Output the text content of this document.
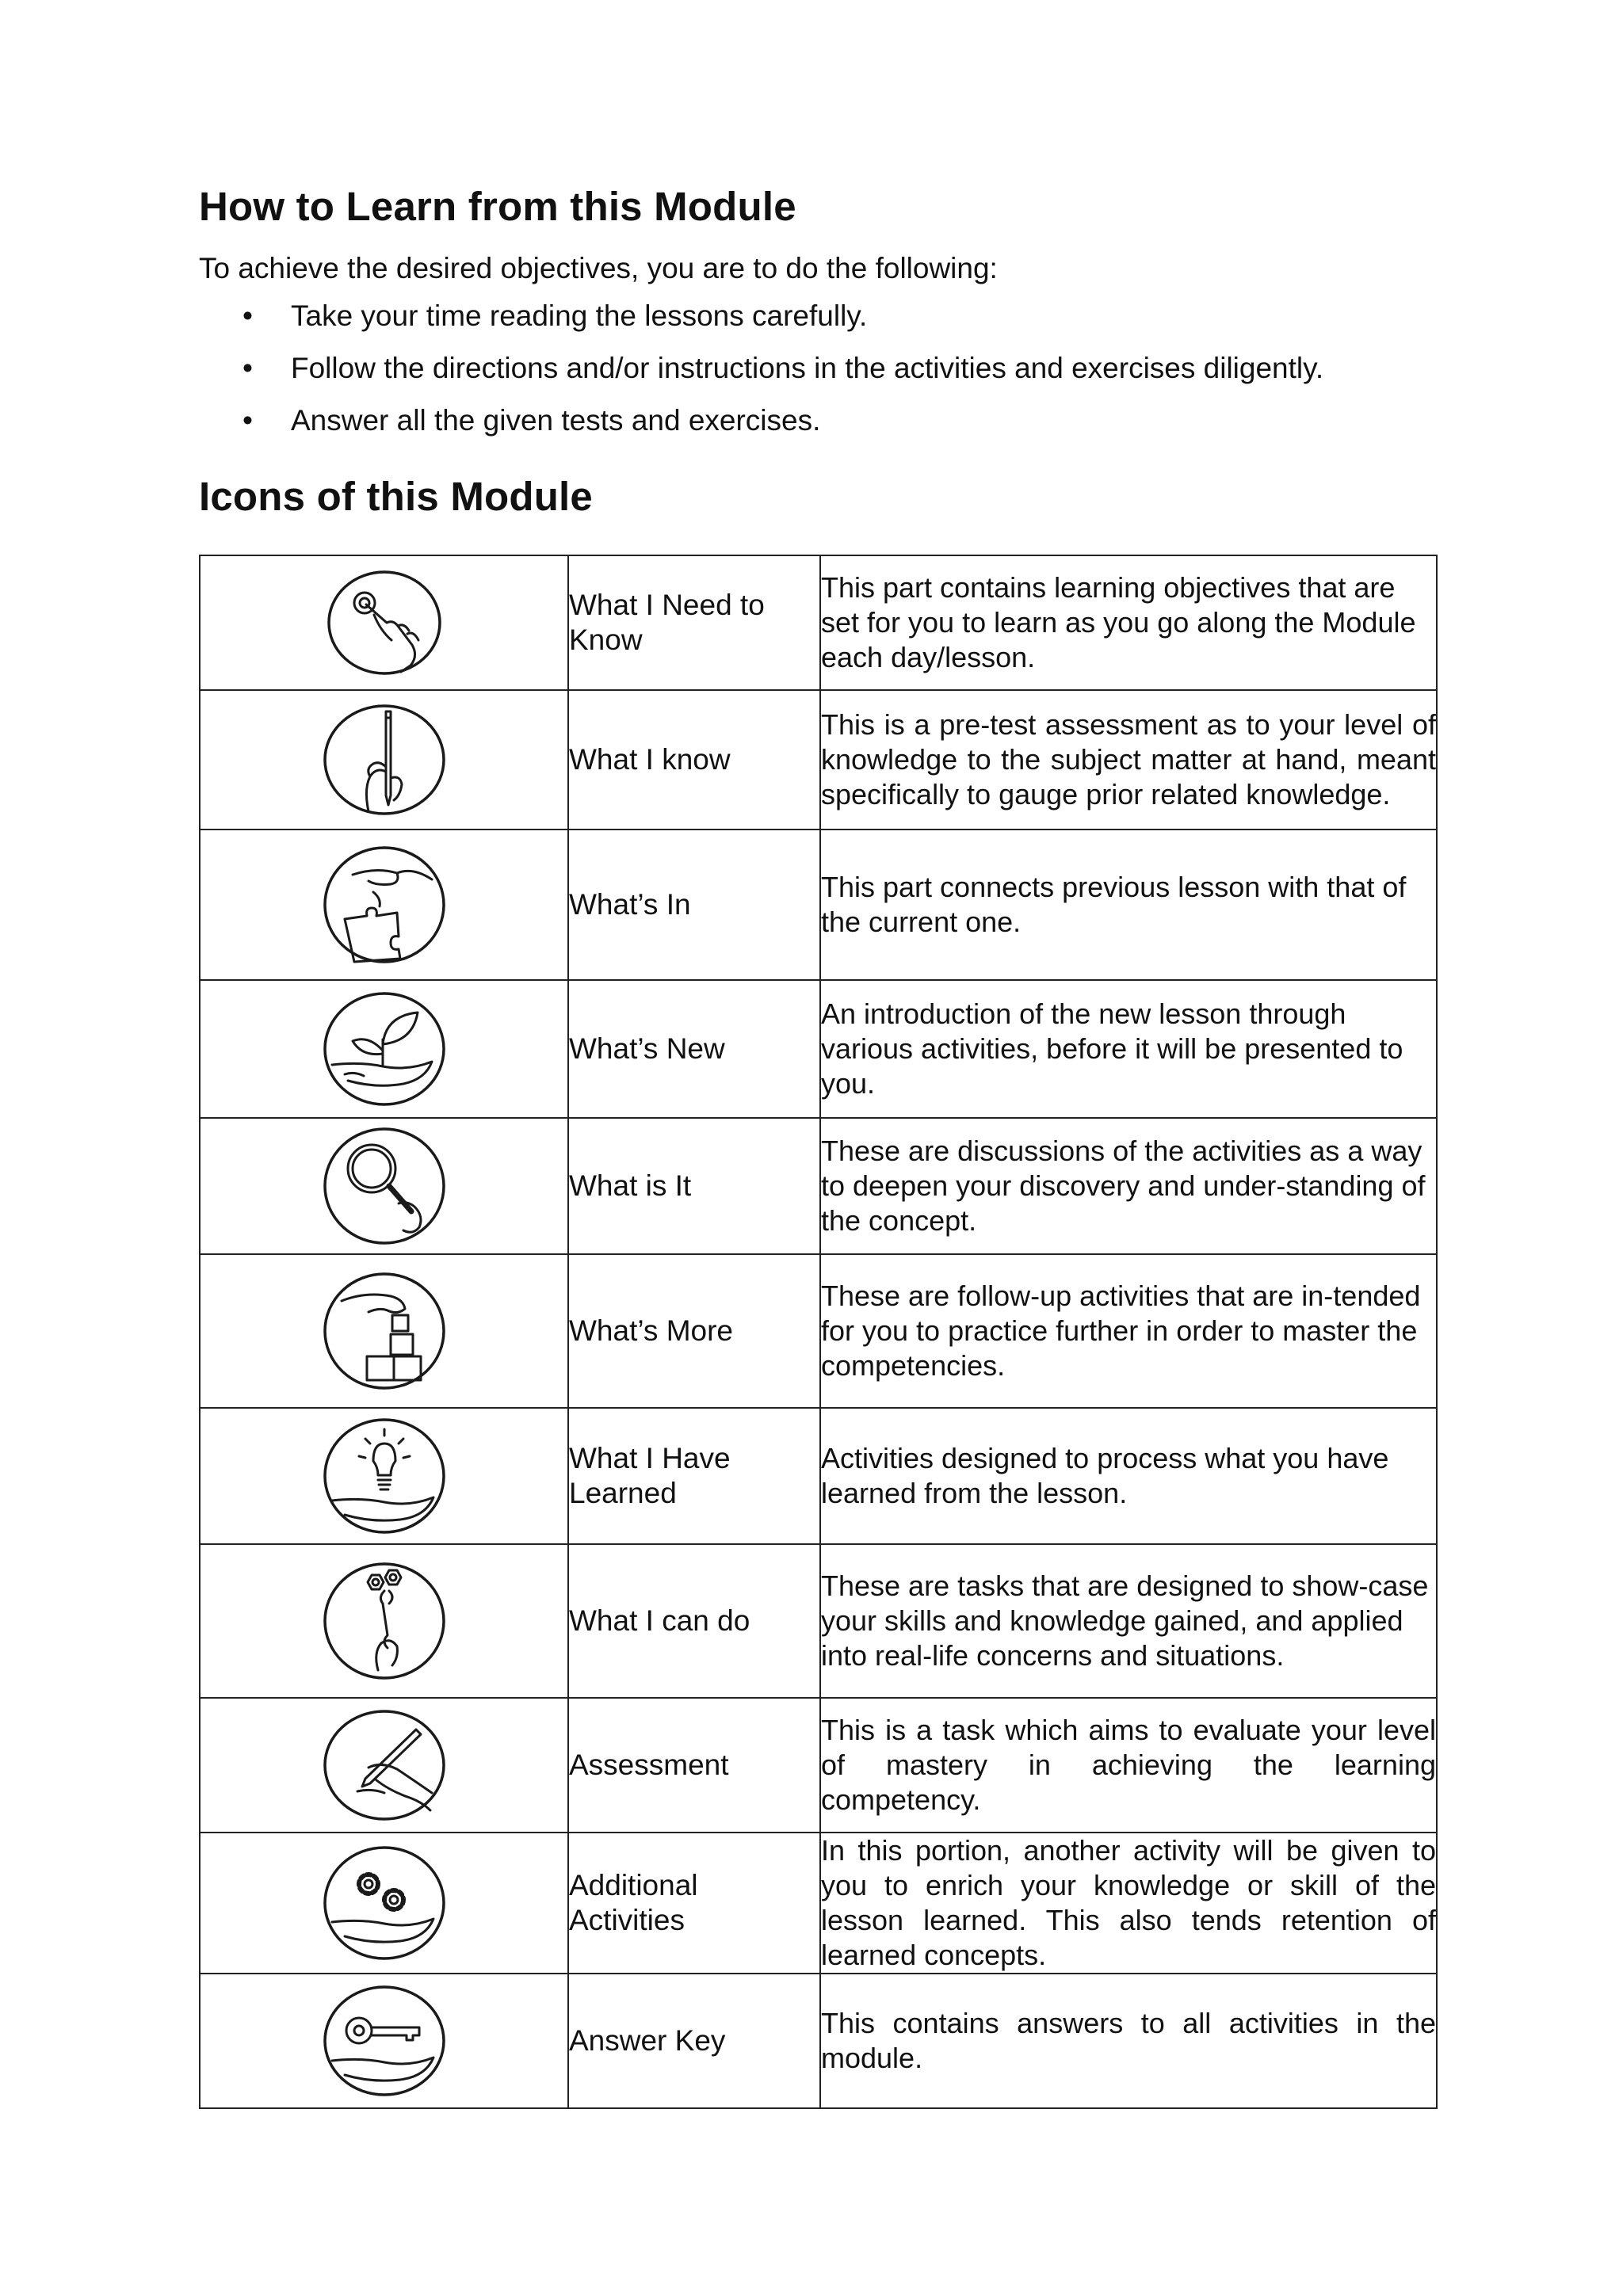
How to Learn from this Module

To achieve the desired objectives, you are to do the following:

• Take your time reading the lessons carefully.
• Follow the directions and/or instructions in the activities and exercises diligently.
• Answer all the given tests and exercises.
Icons of this Module
	What I Need to Know	This part contains learning objectives that are set for you to learn as you go along the Module each day/lesson.

	What I know	This is a pre-test assessment as to your level of knowledge to the subject matter at hand, meant specifically to gauge prior related knowledge.

	What’s In	This part connects previous lesson with that of the current one.

	What’s New	An introduction of the new lesson through various activities, before it will be presented to you.

	What is It	These are discussions of the activities as a way to deepen your discovery and under-standing of the concept.

	What’s More	These are follow-up activities that are in-tended for you to practice further in order to master the competencies.

	What I Have Learned	Activities designed to process what you have learned from the lesson.

	What I can do	These are tasks that are designed to show-case your skills and knowledge gained, and applied into real-life concerns and situations.

	Assessment	This is a task which aims to evaluate your level of mastery in achieving the learning competency.

	Additional Activities	In this portion, another activity will be given to you to enrich your knowledge or skill of the lesson learned. This also tends retention of learned concepts.

	Answer Key	This contains answers to all activities in the module.
